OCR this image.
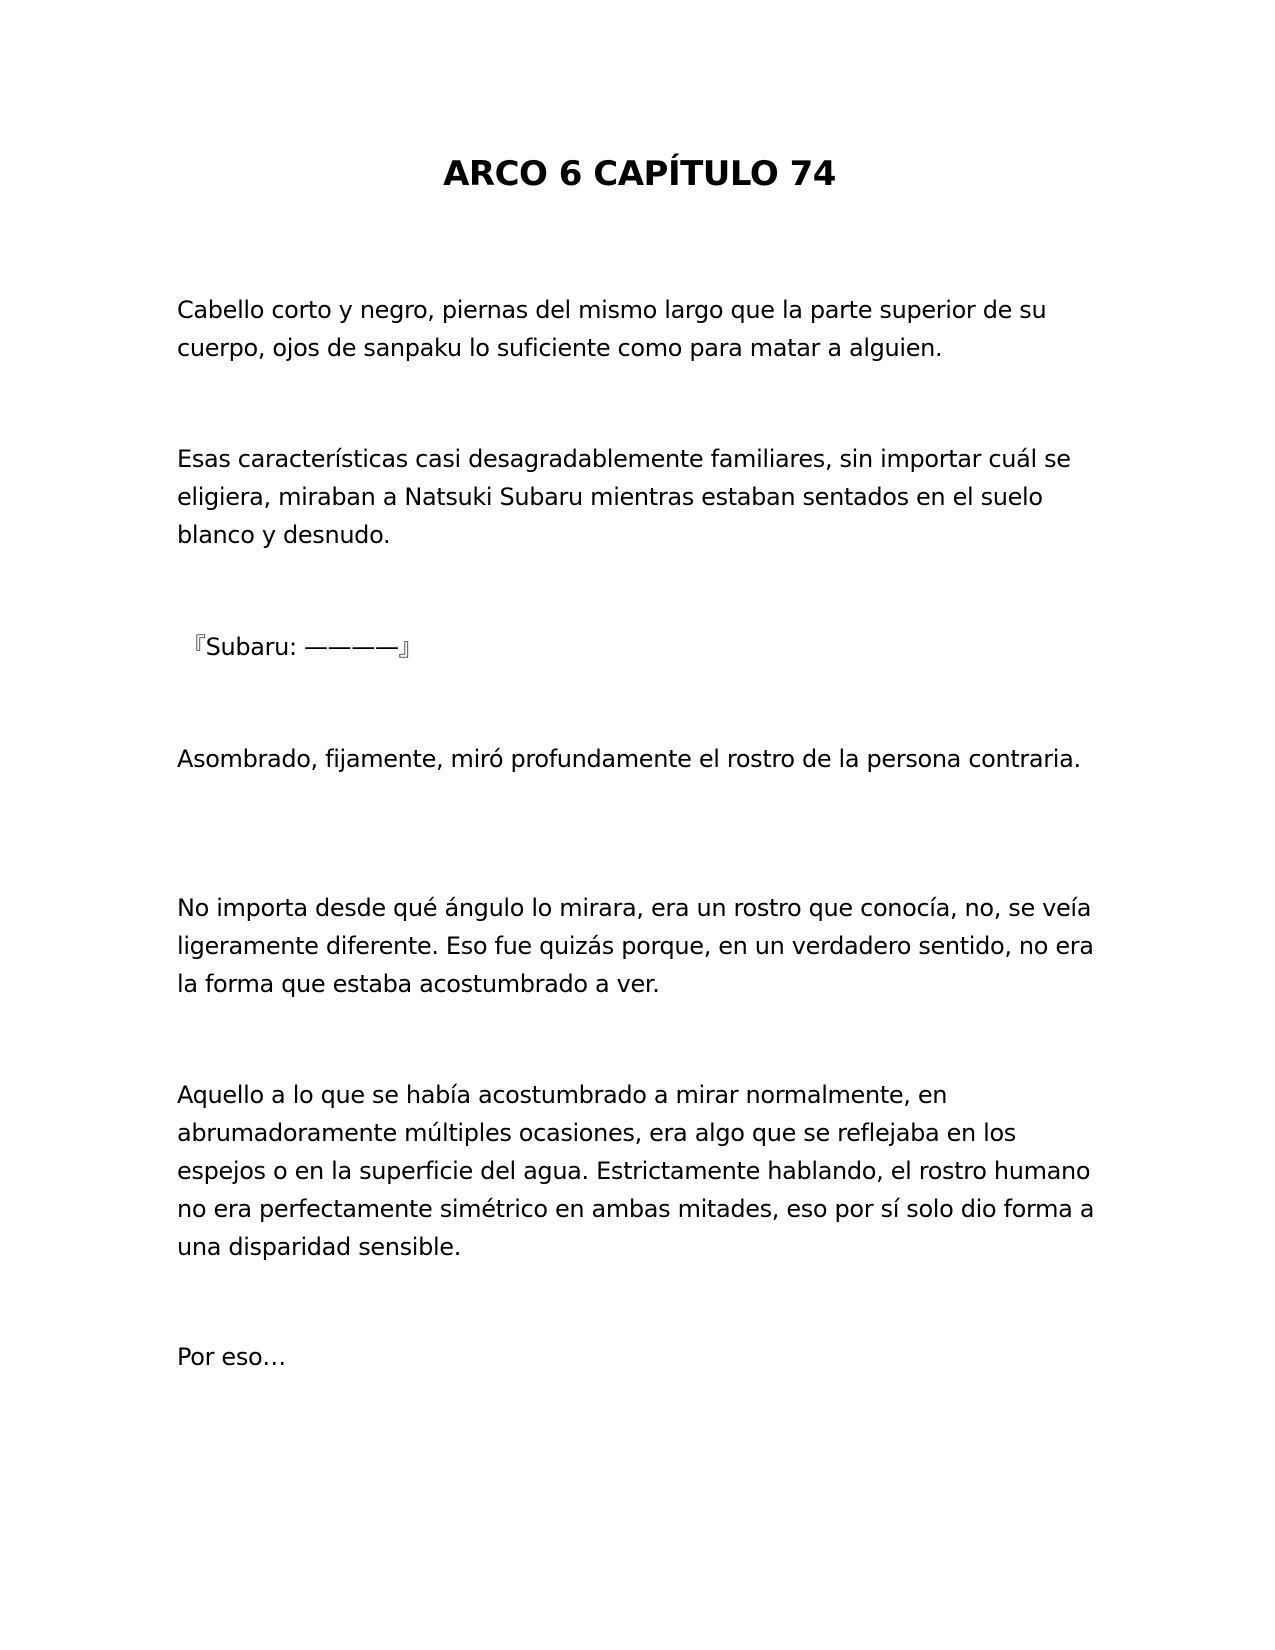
ARCO 6 CAPÍTULO 74

Cabello corto y negro, piernas del mismo largo que la parte superior de su cuerpo, ojos de sanpaku lo suficiente como para matar a alguien.

Esas características casi desagradablemente familiares, sin importar cuál se eligiera, miraban a Natsuki Subaru mientras estaban sentados en el suelo blanco y desnudo.

『Subaru: ————』

Asombrado, fijamente, miró profundamente el rostro de la persona contraria.

No importa desde qué ángulo lo mirara, era un rostro que conocía, no, se veía ligeramente diferente. Eso fue quizás porque, en un verdadero sentido, no era la forma que estaba acostumbrado a ver.

Aquello a lo que se había acostumbrado a mirar normalmente, en abrumadoramente múltiples ocasiones, era algo que se reflejaba en los espejos o en la superficie del agua. Estrictamente hablando, el rostro humano no era perfectamente simétrico en ambas mitades, eso por sí solo dio forma a una disparidad sensible.

Por eso…
